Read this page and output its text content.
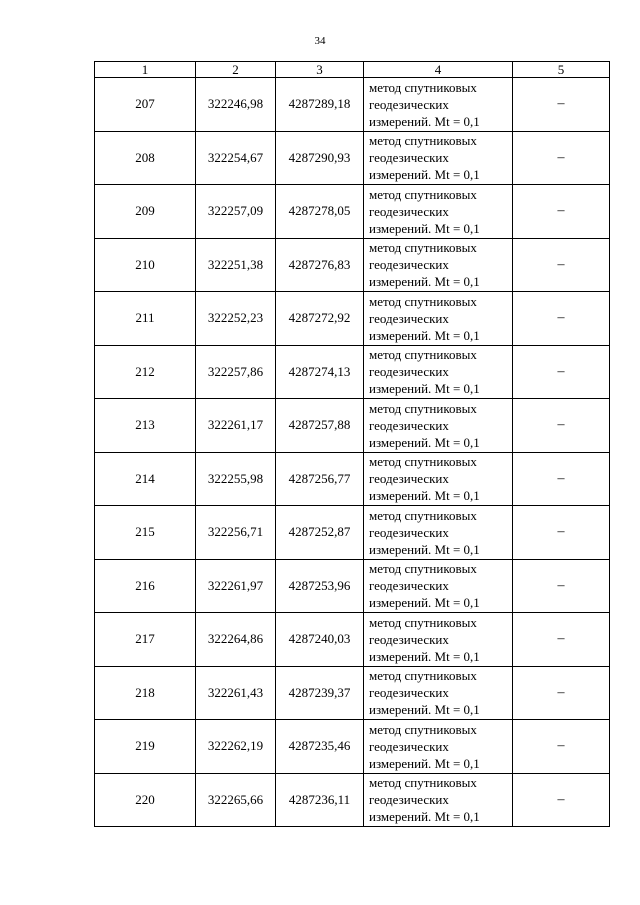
34
1	2	3	4	5
207	322246,98	4287289,18	метод спутниковых
геодезических
измерений. Mt = 0,1	–
208	322254,67	4287290,93	метод спутниковых
геодезических
измерений. Mt = 0,1	–
209	322257,09	4287278,05	метод спутниковых
геодезических
измерений. Mt = 0,1	–
210	322251,38	4287276,83	метод спутниковых
геодезических
измерений. Mt = 0,1	–
211	322252,23	4287272,92	метод спутниковых
геодезических
измерений. Mt = 0,1	–
212	322257,86	4287274,13	метод спутниковых
геодезических
измерений. Mt = 0,1	–
213	322261,17	4287257,88	метод спутниковых
геодезических
измерений. Mt = 0,1	–
214	322255,98	4287256,77	метод спутниковых
геодезических
измерений. Mt = 0,1	–
215	322256,71	4287252,87	метод спутниковых
геодезических
измерений. Mt = 0,1	–
216	322261,97	4287253,96	метод спутниковых
геодезических
измерений. Mt = 0,1	–
217	322264,86	4287240,03	метод спутниковых
геодезических
измерений. Mt = 0,1	–
218	322261,43	4287239,37	метод спутниковых
геодезических
измерений. Mt = 0,1	–
219	322262,19	4287235,46	метод спутниковых
геодезических
измерений. Mt = 0,1	–
220	322265,66	4287236,11	метод спутниковых
геодезических
измерений. Mt = 0,1	–
